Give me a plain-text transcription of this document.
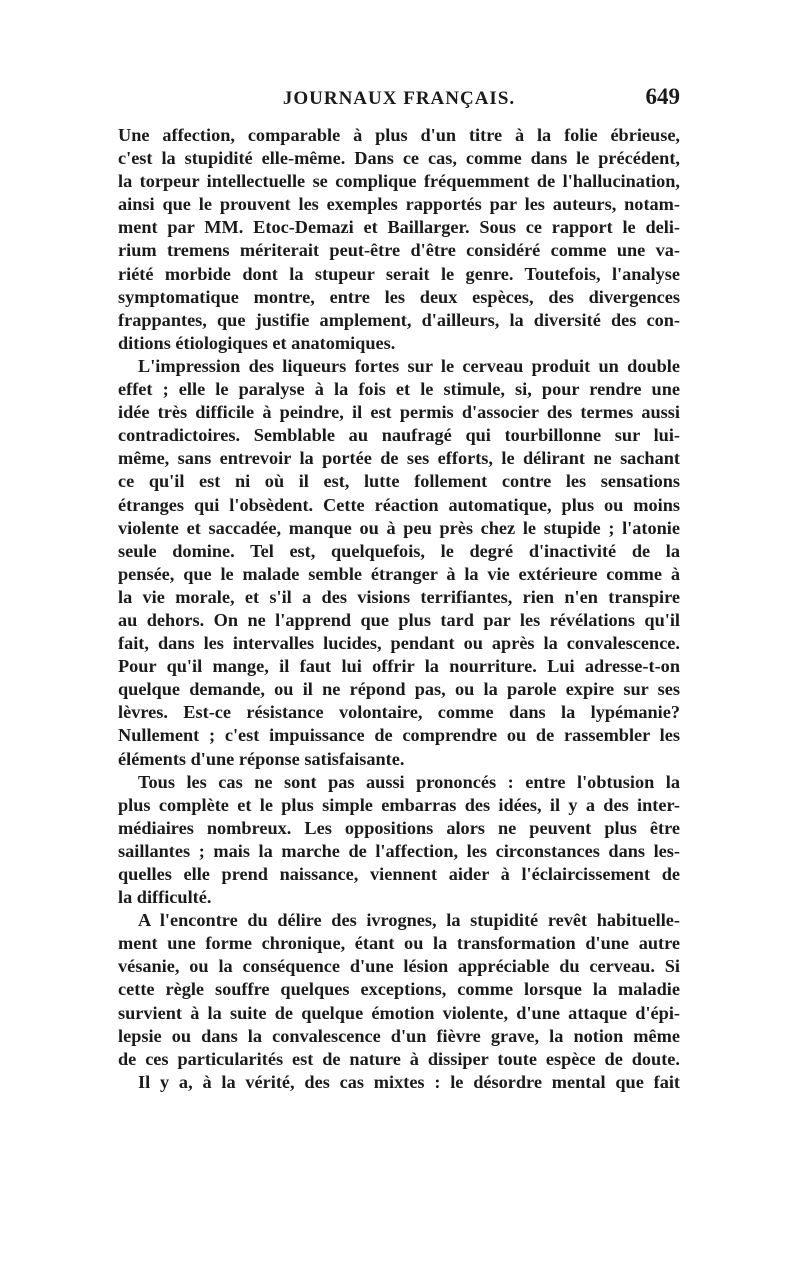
JOURNAUX FRANÇAIS.	649
Une affection, comparable à plus d'un titre à la folie ébrieuse,
c'est la stupidité elle-même. Dans ce cas, comme dans le précédent,
la torpeur intellectuelle se complique fréquemment de l'hallucination,
ainsi que le prouvent les exemples rapportés par les auteurs, notam-
ment par MM. Etoc-Demazi et Baillarger. Sous ce rapport le deli-
rium tremens mériterait peut-être d'être considéré comme une va-
riété morbide dont la stupeur serait le genre. Toutefois, l'analyse
symptomatique montre, entre les deux espèces, des divergences
frappantes, que justifie amplement, d'ailleurs, la diversité des con-
ditions étiologiques et anatomiques.
L'impression des liqueurs fortes sur le cerveau produit un double
effet ; elle le paralyse à la fois et le stimule, si, pour rendre une
idée très difficile à peindre, il est permis d'associer des termes aussi
contradictoires. Semblable au naufragé qui tourbillonne sur lui-
même, sans entrevoir la portée de ses efforts, le délirant ne sachant
ce qu'il est ni où il est, lutte follement contre les sensations
étranges qui l'obsèdent. Cette réaction automatique, plus ou moins
violente et saccadée, manque ou à peu près chez le stupide ; l'atonie
seule domine. Tel est, quelquefois, le degré d'inactivité de la
pensée, que le malade semble étranger à la vie extérieure comme à
la vie morale, et s'il a des visions terrifiantes, rien n'en transpire
au dehors. On ne l'apprend que plus tard par les révélations qu'il
fait, dans les intervalles lucides, pendant ou après la convalescence.
Pour qu'il mange, il faut lui offrir la nourriture. Lui adresse-t-on
quelque demande, ou il ne répond pas, ou la parole expire sur ses
lèvres. Est-ce résistance volontaire, comme dans la lypémanie?
Nullement ; c'est impuissance de comprendre ou de rassembler les
éléments d'une réponse satisfaisante.
Tous les cas ne sont pas aussi prononcés : entre l'obtusion la
plus complète et le plus simple embarras des idées, il y a des inter-
médiaires nombreux. Les oppositions alors ne peuvent plus être
saillantes ; mais la marche de l'affection, les circonstances dans les-
quelles elle prend naissance, viennent aider à l'éclaircissement de
la difficulté.
A l'encontre du délire des ivrognes, la stupidité revêt habituelle-
ment une forme chronique, étant ou la transformation d'une autre
vésanie, ou la conséquence d'une lésion appréciable du cerveau. Si
cette règle souffre quelques exceptions, comme lorsque la maladie
survient à la suite de quelque émotion violente, d'une attaque d'épi-
lepsie ou dans la convalescence d'un fièvre grave, la notion même
de ces particularités est de nature à dissiper toute espèce de doute.
Il y a, à la vérité, des cas mixtes : le désordre mental que fait
